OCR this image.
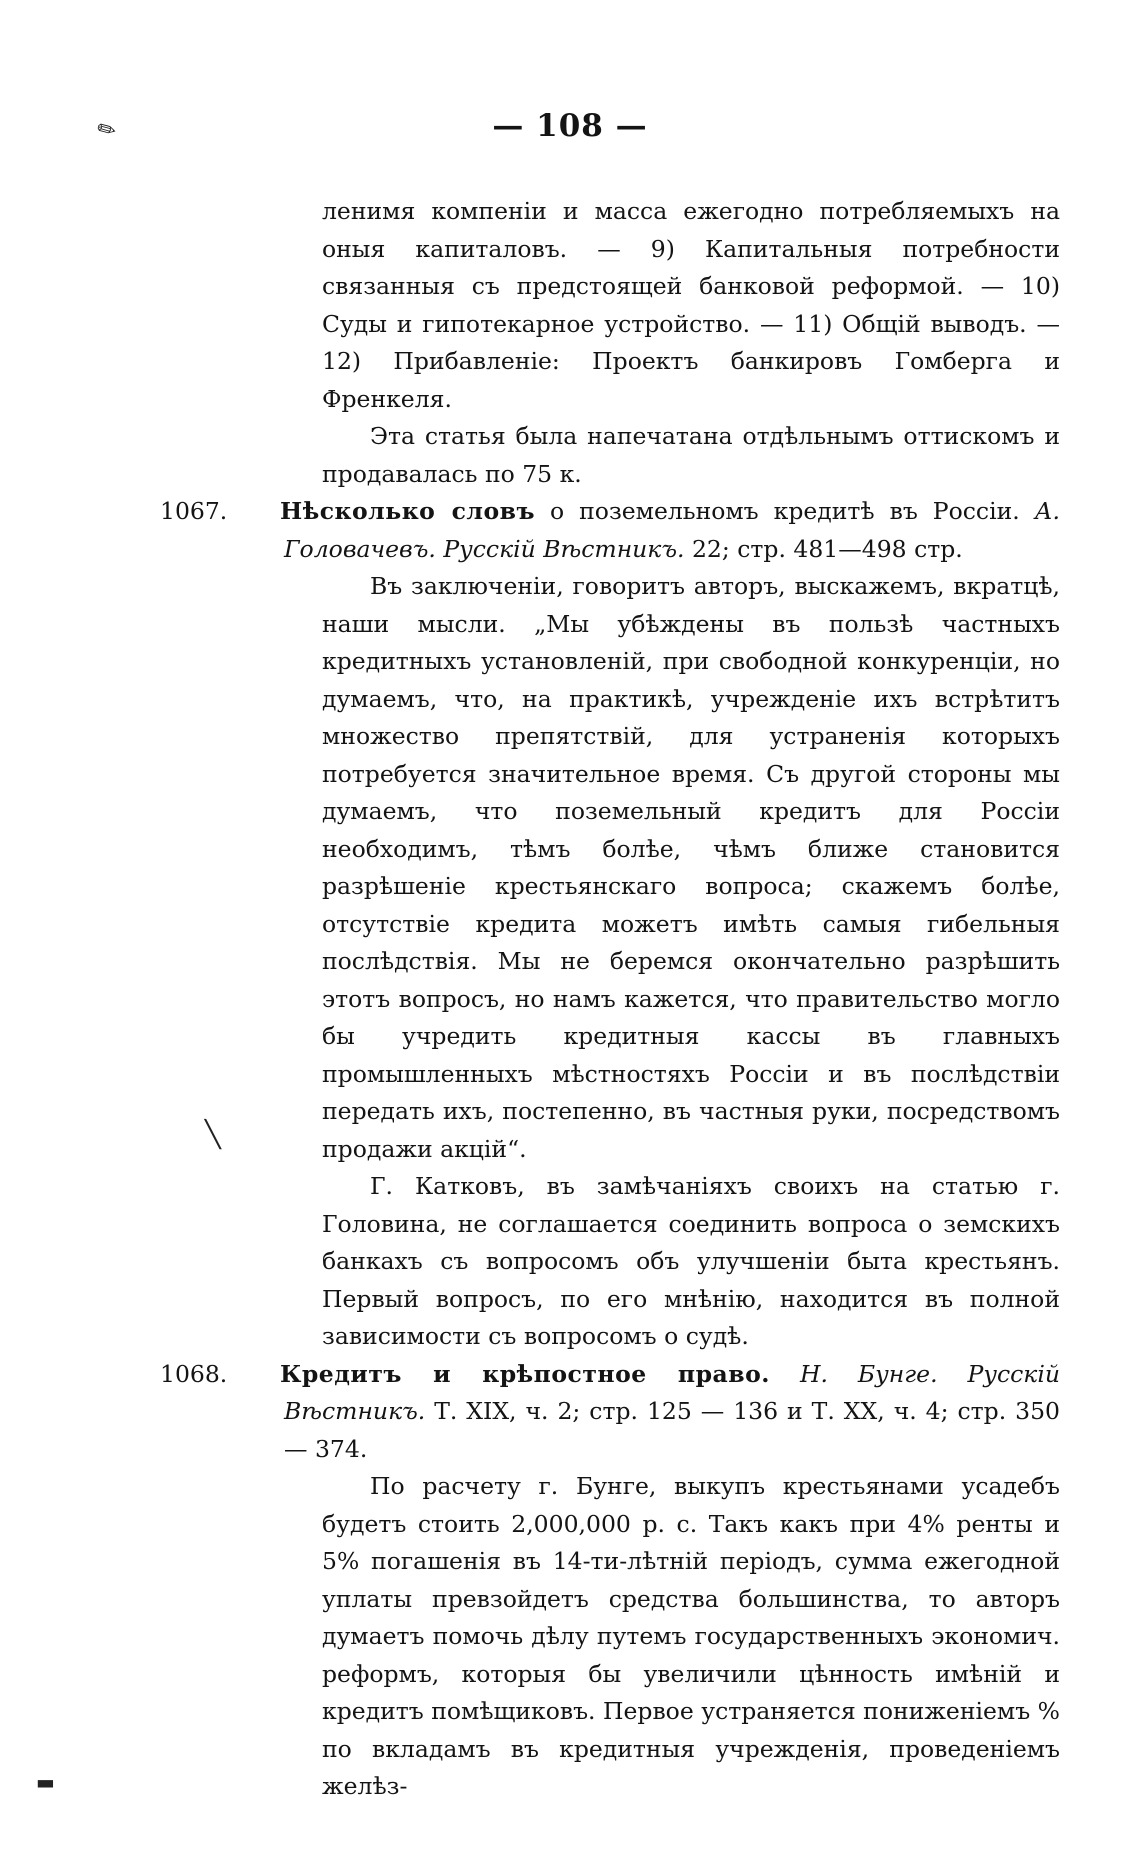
— 108 —

ленимя компеніи и масса ежегодно потребляемыхъ на оныя капиталовъ. — 9) Капитальныя потребности связанныя съ предстоящей банковой реформой. — 10) Суды и гипотекарное устройство. — 11) Общій выводъ. — 12) Прибавленіе: Проектъ банкировъ Гомберга и Френкеля.

Эта статья была напечатана отдѣльнымъ оттискомъ и продавалась по 75 к.

1067. Нѣсколько словъ о поземельномъ кредитѣ въ Россіи. А. Головачевъ. Русскій Вѣстникъ. 22; стр. 481—498 стр.

Въ заключеніи, говоритъ авторъ, выскажемъ, вкратцѣ, наши мысли. „Мы убѣждены въ пользѣ частныхъ кредитныхъ установленій, при свободной конкуренціи, но думаемъ, что, на практикѣ, учрежденіе ихъ встрѣтитъ множество препятствій, для устраненія которыхъ потребуется значительное время. Съ другой стороны мы думаемъ, что поземельный кредитъ для Россіи необходимъ, тѣмъ болѣе, чѣмъ ближе становится разрѣшеніе крестьянскаго вопроса; скажемъ болѣе, отсутствіе кредита можетъ имѣть самыя гибельныя послѣдствія. Мы не беремся окончательно разрѣшить этотъ вопросъ, но намъ кажется, что правительство могло бы учредить кредитныя кассы въ главныхъ промышленныхъ мѣстностяхъ Россіи и въ послѣдствіи передать ихъ, постепенно, въ частныя руки, посредствомъ продажи акцій“.

Г. Катковъ, въ замѣчаніяхъ своихъ на статью г. Головина, не соглашается соединить вопроса о земскихъ банкахъ съ вопросомъ объ улучшеніи быта крестьянъ. Первый вопросъ, по его мнѣнію, находится въ полной зависимости съ вопросомъ о судѣ.

1068. Кредитъ и крѣпостное право. Н. Бунге. Русскій Вѣстникъ. Т. XIX, ч. 2; стр. 125 — 136 и Т. XX, ч. 4; стр. 350 — 374.

По расчету г. Бунге, выкупъ крестьянами усадебъ будетъ стоить 2,000,000 р. с. Такъ какъ при 4% ренты и 5% погашенія въ 14-ти-лѣтній періодъ, сумма ежегодной уплаты превзойдетъ средства большинства, то авторъ думаетъ помочь дѣлу путемъ государственныхъ экономич. реформъ, которыя бы увеличили цѣнность имѣній и кредитъ помѣщиковъ. Первое устраняется пониженіемъ % по вкладамъ въ кредитныя учрежденія, проведеніемъ желѣз-

✎
╲
▬
